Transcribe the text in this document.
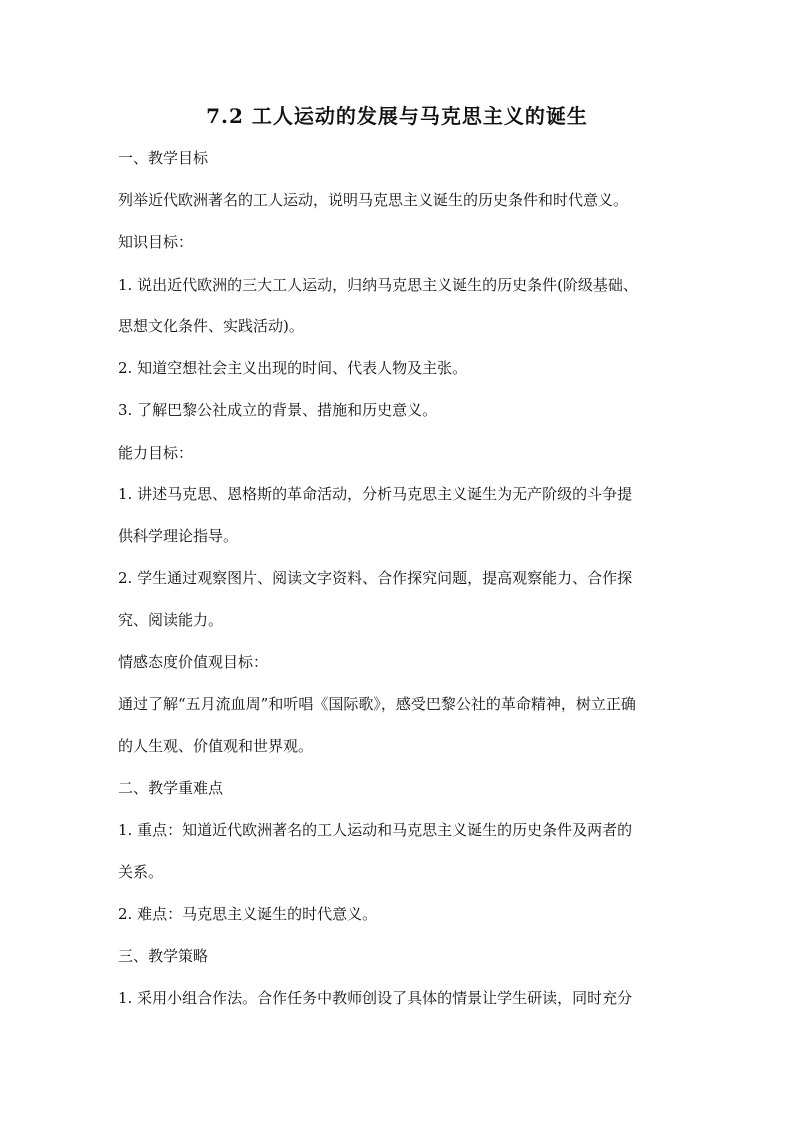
7.2 工人运动的发展与马克思主义的诞生
一、教学目标
列举近代欧洲著名的工人运动，说明马克思主义诞生的历史条件和时代意义。
知识目标：
1. 说出近代欧洲的三大工人运动，归纳马克思主义诞生的历史条件(阶级基础、
思想文化条件、实践活动)。
2. 知道空想社会主义出现的时间、代表人物及主张。
3. 了解巴黎公社成立的背景、措施和历史意义。
能力目标：
1. 讲述马克思、恩格斯的革命活动，分析马克思主义诞生为无产阶级的斗争提
供科学理论指导。
2. 学生通过观察图片、阅读文字资料、合作探究问题，提高观察能力、合作探
究、阅读能力。
情感态度价值观目标：
通过了解“五月流血周”和听唱《国际歌》，感受巴黎公社的革命精神，树立正确
的人生观、价值观和世界观。
二、教学重难点
1. 重点：知道近代欧洲著名的工人运动和马克思主义诞生的历史条件及两者的
关系。
2. 难点：马克思主义诞生的时代意义。
三、教学策略
1. 采用小组合作法。合作任务中教师创设了具体的情景让学生研读，同时充分
